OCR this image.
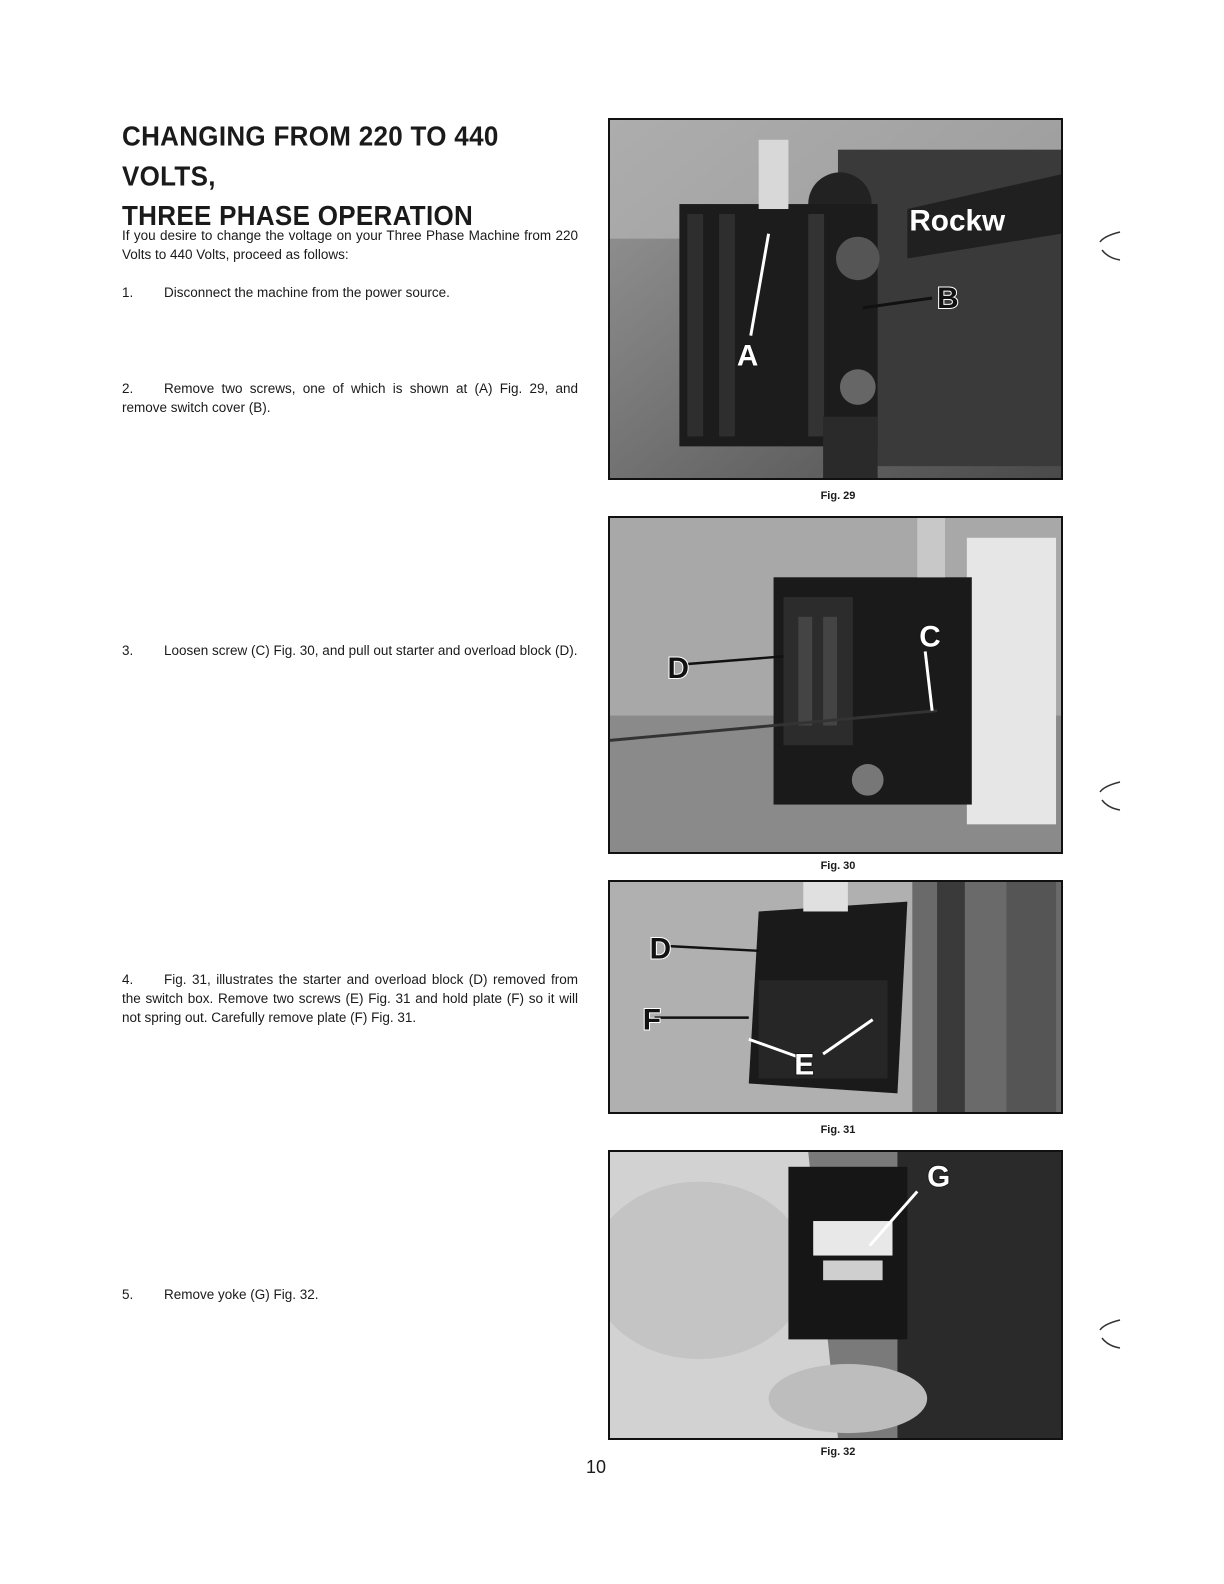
CHANGING FROM 220 TO 440 VOLTS,
THREE PHASE OPERATION
If you desire to change the voltage on your Three Phase Machine from 220 Volts to 440 Volts, proceed as follows:
1. Disconnect the machine from the power source.
2. Remove two screws, one of which is shown at (A) Fig. 29, and remove switch cover (B).
3. Loosen screw (C) Fig. 30, and pull out starter and overload block (D).
4. Fig. 31, illustrates the starter and overload block (D) removed from the switch box. Remove two screws (E) Fig. 31 and hold plate (F) so it will not spring out. Carefully remove plate (F) Fig. 31.
5. Remove yoke (G) Fig. 32.
Rockw
A
B
Fig. 29
C
D
Fig. 30
D
F
E
Fig. 31
G
Fig. 32
10
